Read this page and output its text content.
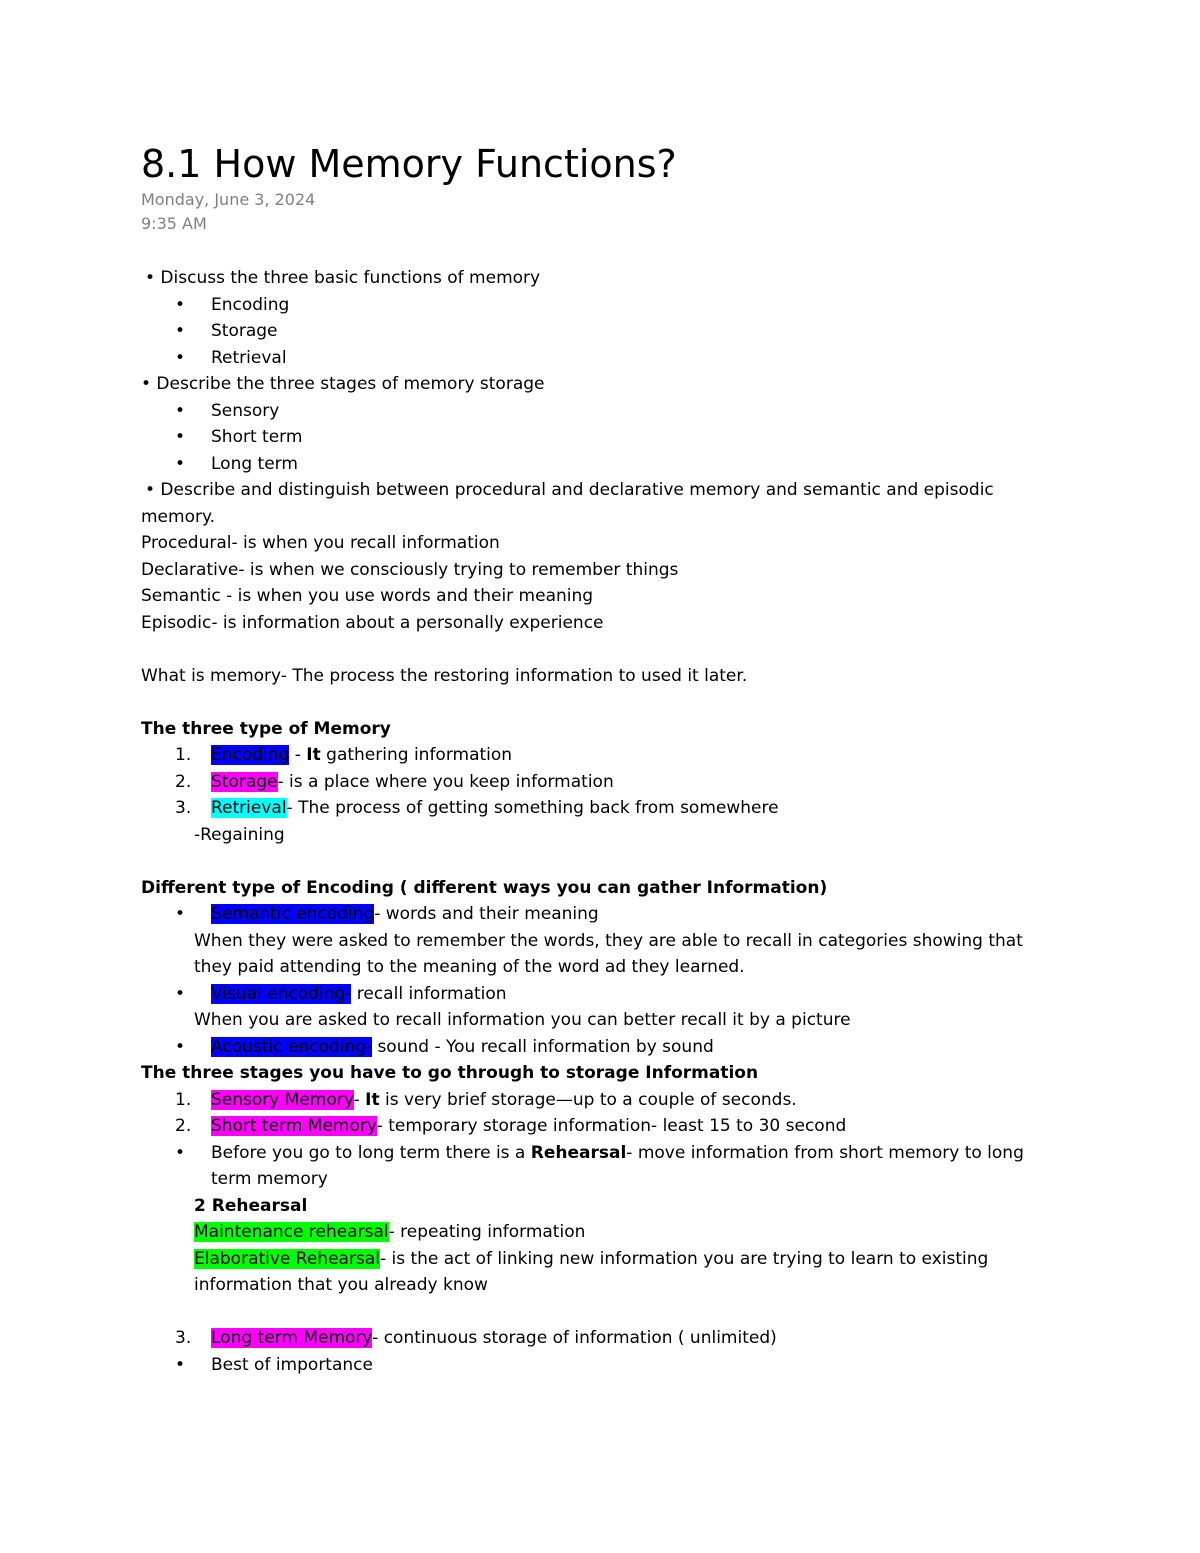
8.1 How Memory Functions?
Monday, June 3, 2024
9:35 AM
• Discuss the three basic functions of memory
• Encoding
• Storage
• Retrieval
• Describe the three stages of memory storage
• Sensory
• Short term
• Long term
• Describe and distinguish between procedural and declarative memory and semantic and episodic
memory.
Procedural- is when you recall information
Declarative- is when we consciously trying to remember things
Semantic - is when you use words and their meaning
Episodic- is information about a personally experience
What is memory- The process the restoring information to used it later.
The three type of Memory
1. Encoding - It gathering information
2. Storage- is a place where you keep information
3. Retrieval- The process of getting something back from somewhere
-Regaining
Different type of Encoding ( different ways you can gather Information)
• Semantic encoding- words and their meaning
When they were asked to remember the words, they are able to recall in categories showing that
they paid attending to the meaning of the word ad they learned.
• Visual encoding- recall information
When you are asked to recall information you can better recall it by a picture
• Acoustic encoding- sound - You recall information by sound
The three stages you have to go through to storage Information
1. Sensory Memory- It is very brief storage—up to a couple of seconds.
2. Short term Memory- temporary storage information- least 15 to 30 second
• Before you go to long term there is a Rehearsal- move information from short memory to long
term memory
2 Rehearsal
Maintenance rehearsal- repeating information
Elaborative Rehearsal- is the act of linking new information you are trying to learn to existing
information that you already know
3. Long term Memory- continuous storage of information ( unlimited)
• Best of importance
